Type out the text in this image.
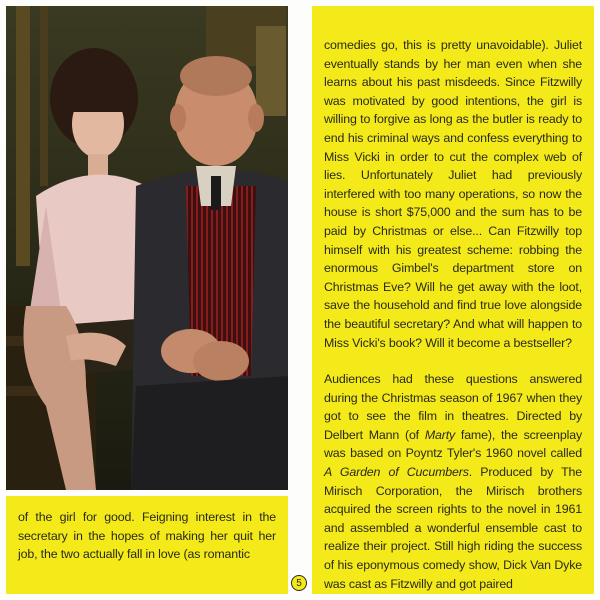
of the girl for good. Feigning interest in the secretary in the hopes of making her quit her job, the two actually fall in love (as romantic

comedies go, this is pretty unavoidable). Juliet eventually stands by her man even when she learns about his past misdeeds. Since Fitzwilly was motivated by good intentions, the girl is willing to forgive as long as the butler is ready to end his criminal ways and confess everything to Miss Vicki in order to cut the complex web of lies. Unfortunately Juliet had previously interfered with too many operations, so now the house is short $75,000 and the sum has to be paid by Christmas or else... Can Fitzwilly top himself with his greatest scheme: robbing the enormous Gimbel's department store on Christmas Eve? Will he get away with the loot, save the household and find true love alongside the beautiful secretary? And what will happen to Miss Vicki's book? Will it become a bestseller?

Audiences had these questions answered during the Christmas season of 1967 when they got to see the film in theatres. Directed by Delbert Mann (of Marty fame), the screenplay was based on Poyntz Tyler's 1960 novel called A Garden of Cucumbers. Produced by The Mirisch Corporation, the Mirisch brothers acquired the screen rights to the novel in 1961 and assembled a wonderful ensemble cast to realize their project. Still high riding the success of his eponymous comedy show, Dick Van Dyke was cast as Fitzwilly and got paired

5
